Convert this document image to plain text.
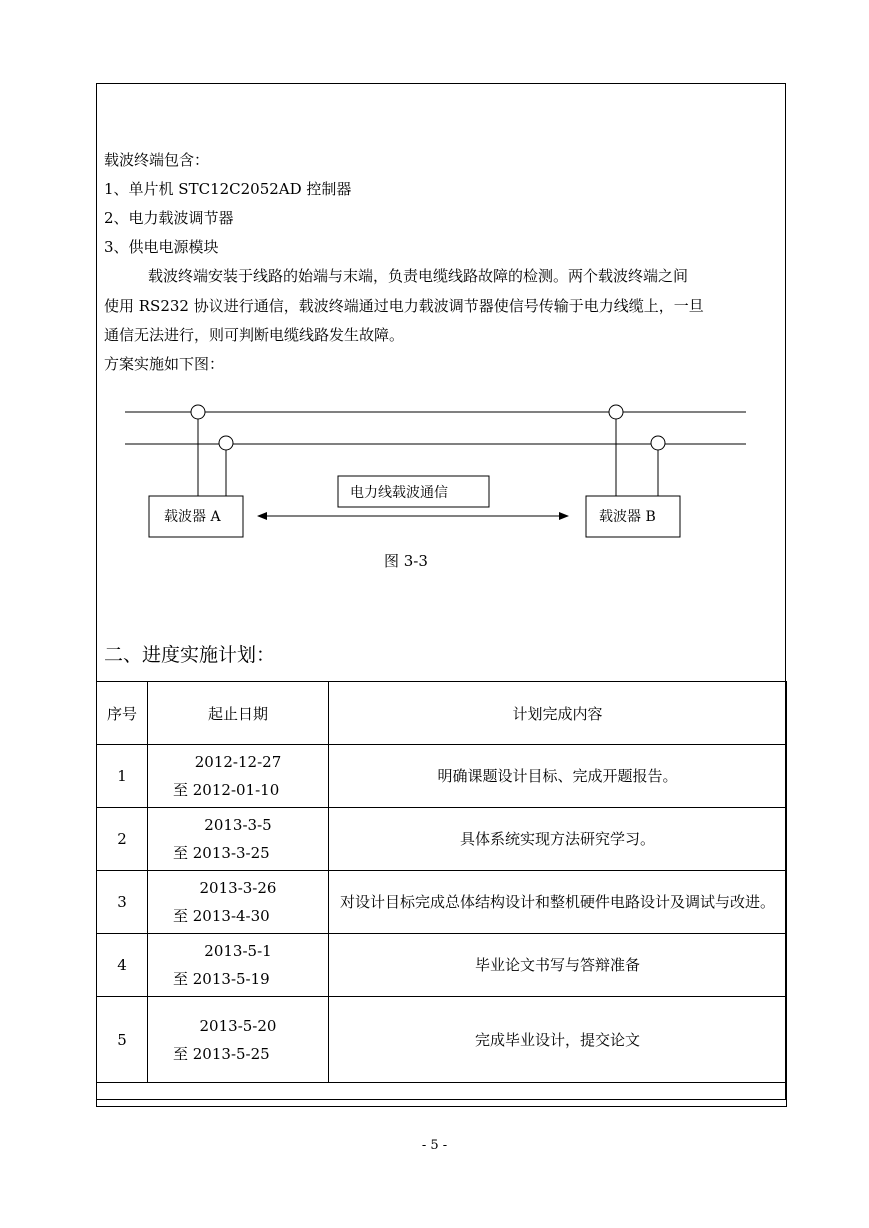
载波终端包含：
1、单片机 STC12C2052AD 控制器
2、电力载波调节器
3、供电电源模块
载波终端安装于线路的始端与末端，负责电缆线路故障的检测。两个载波终端之间
使用 RS232 协议进行通信，载波终端通过电力载波调节器使信号传输于电力线缆上，一旦
通信无法进行，则可判断电缆线路发生故障。
方案实施如下图：
载波器 A	载波器 B
电力线载波通信
图 3-3
二、进度实施计划：
序号	起止日期	计划完成内容
1	2012-12-27
至 2012-01-10	明确课题设计目标、完成开题报告。
2	2013-3-5
至 2013-3-25	具体系统实现方法研究学习。
3	2013-3-26
至 2013-4-30	对设计目标完成总体结构设计和整机硬件电路设计及调试与改进。
4	2013-5-1
至 2013-5-19	毕业论文书写与答辩准备
5	2013-5-20
至 2013-5-25	完成毕业设计，提交论文

- 5 -
